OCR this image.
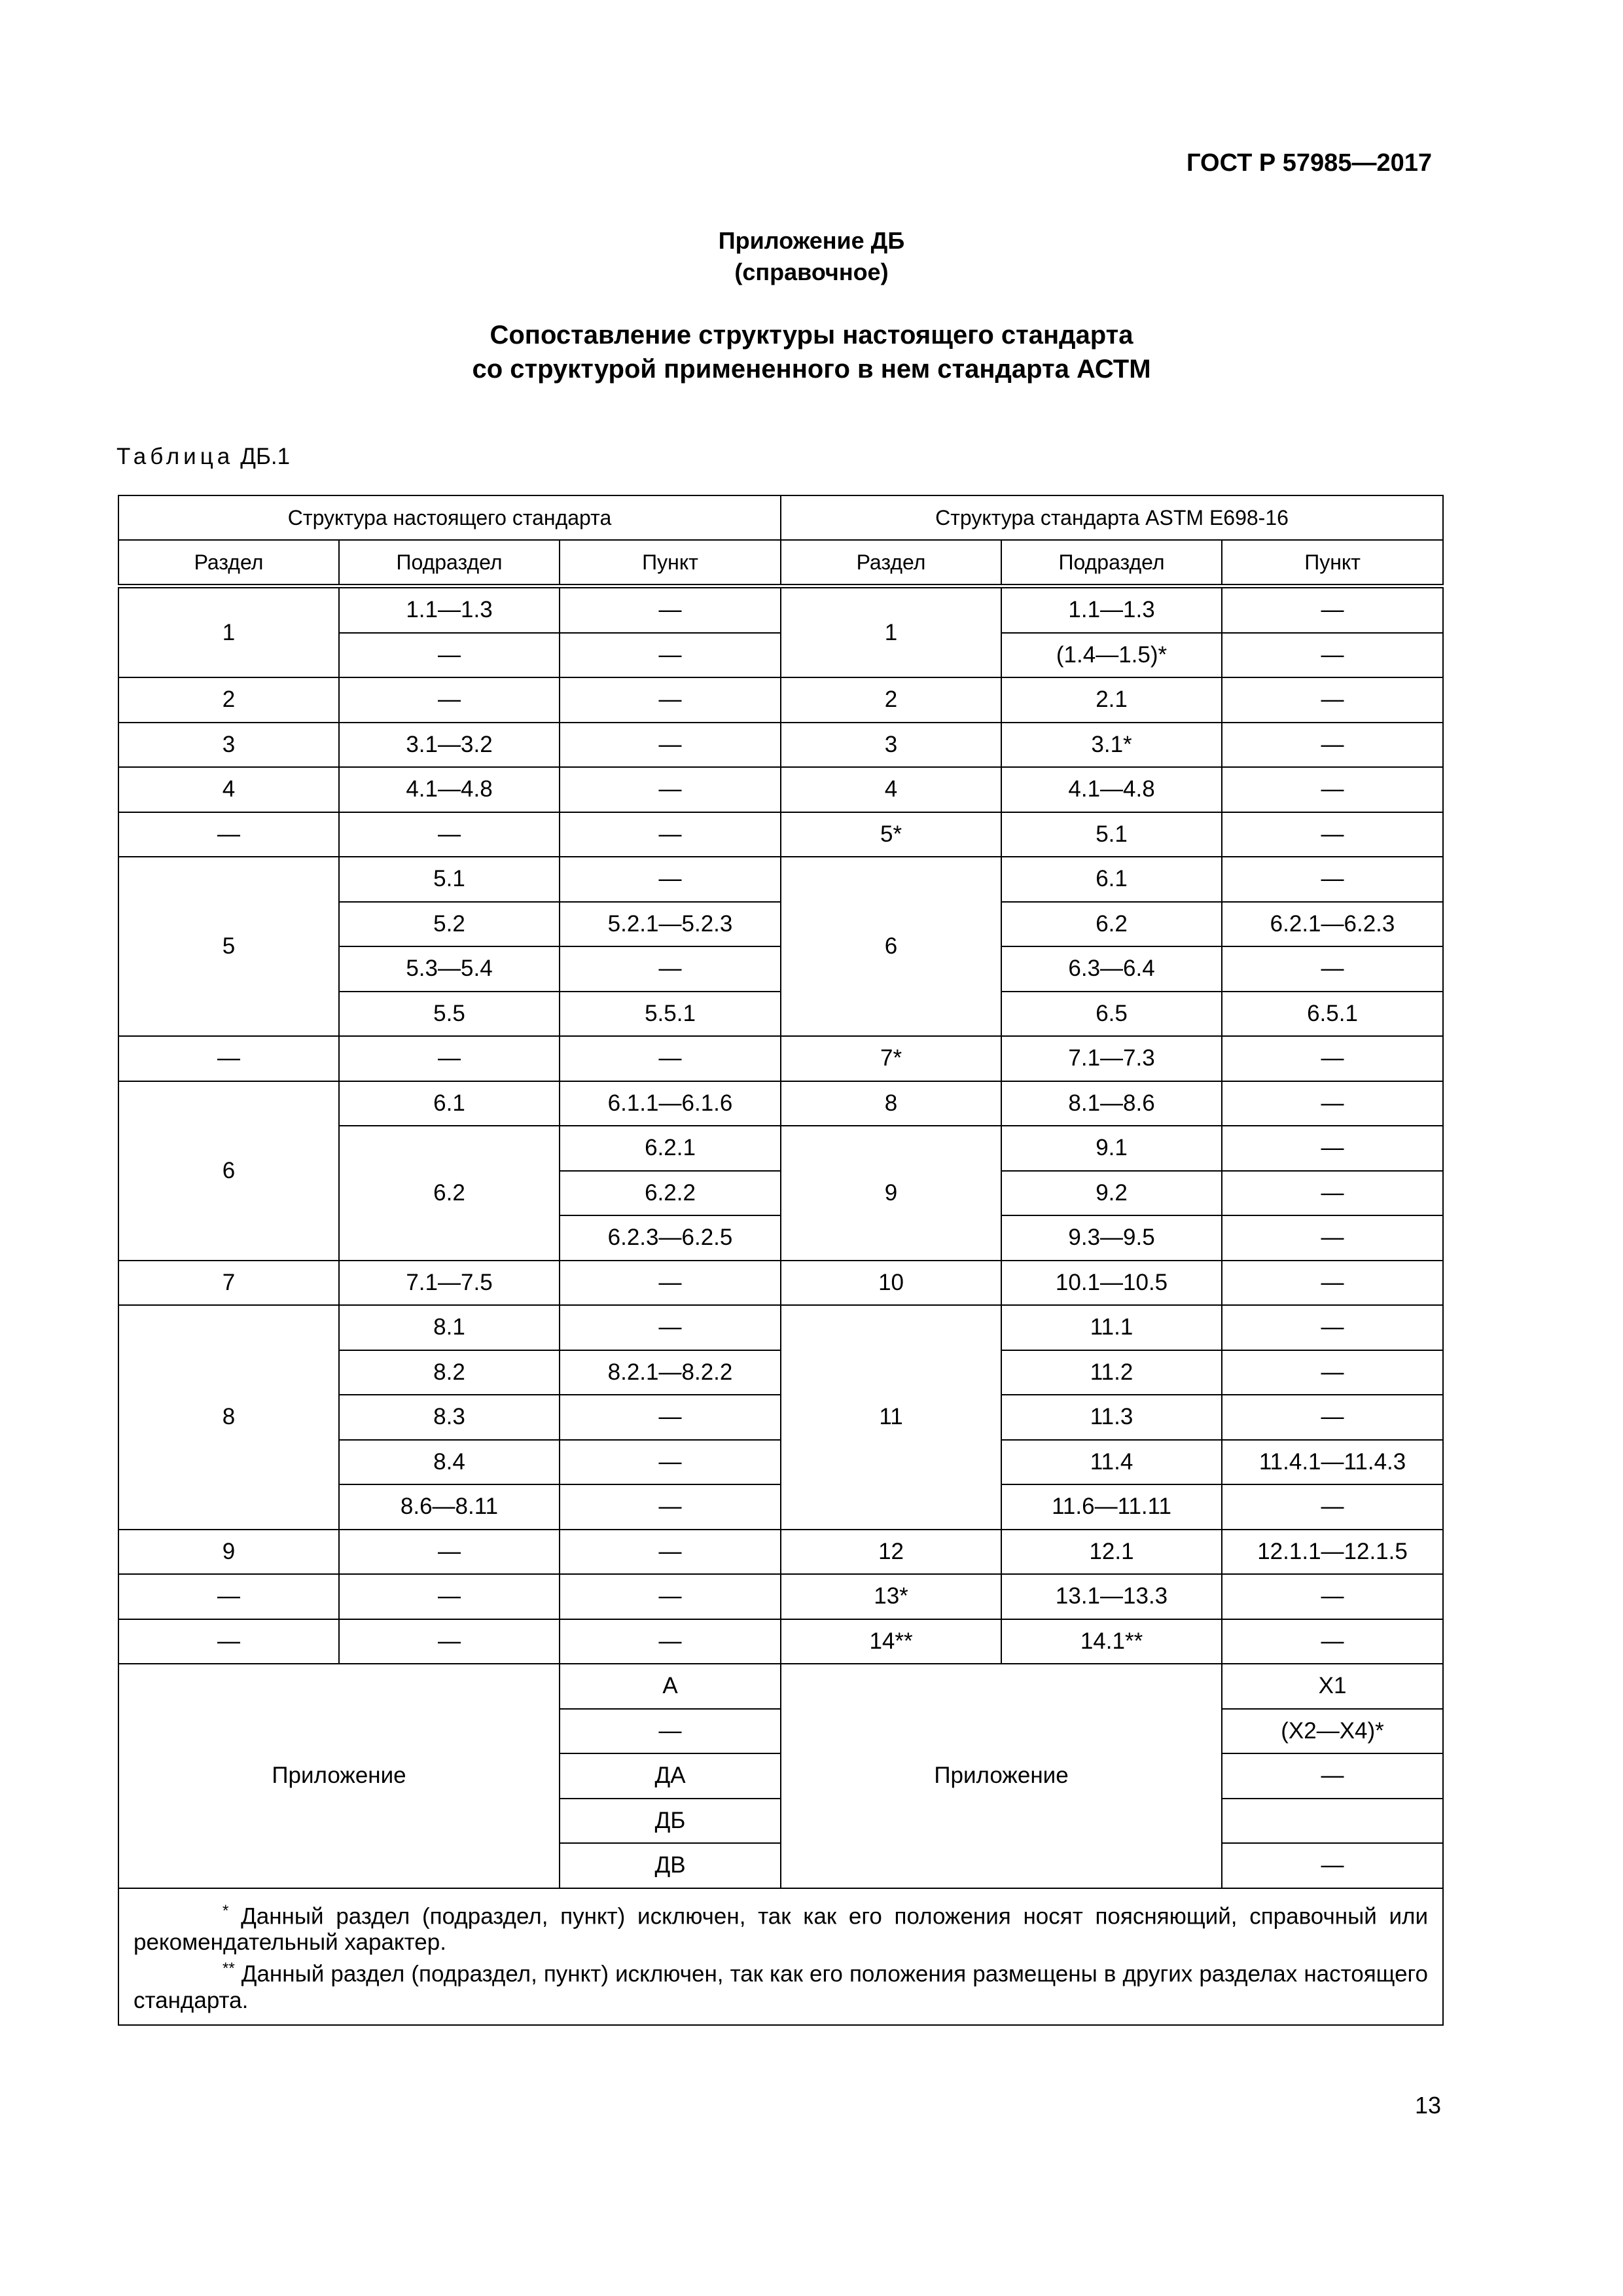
ГОСТ Р 57985—2017
Приложение ДБ
(справочное)
Сопоставление структуры настоящего стандарта
со структурой примененного в нем стандарта АСТМ
Таблица ДБ.1
Структура настоящего стандарта			Структура стандарта ASTM E698-16		
Раздел	Подраздел	Пункт	Раздел	Подраздел	Пункт
1	1.1—1.3	—	1	1.1—1.3	—
	—	—		(1.4—1.5)*	—
2	—	—	2	2.1	—
3	3.1—3.2	—	3	3.1*	—
4	4.1—4.8	—	4	4.1—4.8	—
—	—	—	5*	5.1	—
5	5.1	—	6	6.1	—
	5.2	5.2.1—5.2.3		6.2	6.2.1—6.2.3
	5.3—5.4	—		6.3—6.4	—
	5.5	5.5.1		6.5	6.5.1
—	—	—	7*	7.1—7.3	—
6	6.1	6.1.1—6.1.6	8	8.1—8.6	—
	6.2	6.2.1	9	9.1	—
		6.2.2		9.2	—
		6.2.3—6.2.5		9.3—9.5	—
7	7.1—7.5	—	10	10.1—10.5	—
8	8.1	—	11	11.1	—
	8.2	8.2.1—8.2.2		11.2	—
	8.3	—		11.3	—
	8.4	—		11.4	11.4.1—11.4.3
	8.6—8.11	—		11.6—11.11	—
9	—	—	12	12.1	12.1.1—12.1.5
—	—	—	13*	13.1—13.3	—
—	—	—	14**	14.1**	—
Приложение		А	Приложение		X1
		—			(X2—X4)*
		ДА			—
		ДБ			
		ДВ			—

* Данный раздел (подраздел, пункт) исключен, так как его положения носят поясняющий, справочный или рекомендательный характер.
** Данный раздел (подраздел, пункт) исключен, так как его положения размещены в других разделах настоящего стандарта.					
13
